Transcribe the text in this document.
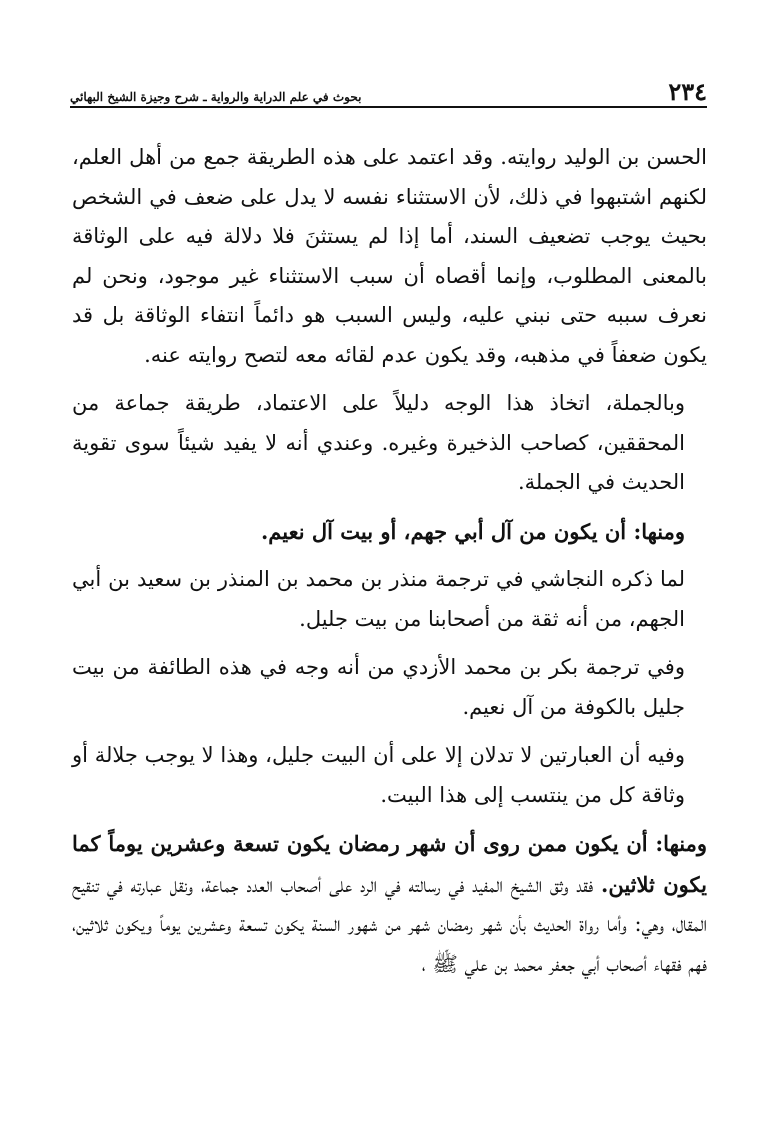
بحوث في علم الدراية والرواية ـ شرح وجيزة الشيخ البهائي	٢٣٤

الحسن بن الوليد روايته. وقد اعتمد على هذه الطريقة جمع من أهل العلم، لكنهم اشتبهوا في ذلك، لأن الاستثناء نفسه لا يدل على ضعف في الشخص بحيث يوجب تضعيف السند، أما إذا لم يستثنَ فلا دلالة فيه على الوثاقة بالمعنى المطلوب، وإنما أقصاه أن سبب الاستثناء غير موجود، ونحن لم نعرف سببه حتى نبني عليه، وليس السبب هو دائماً انتفاء الوثاقة بل قد يكون ضعفاً في مذهبه، وقد يكون عدم لقائه معه لتصح روايته عنه.

وبالجملة، اتخاذ هذا الوجه دليلاً على الاعتماد، طريقة جماعة من المحققين، كصاحب الذخيرة وغيره. وعندي أنه لا يفيد شيئاً سوى تقوية الحديث في الجملة.

ومنها: أن يكون من آل أبي جهم، أو بيت آل نعيم.

لما ذكره النجاشي في ترجمة منذر بن محمد بن المنذر بن سعيد بن أبي الجهم، من أنه ثقة من أصحابنا من بيت جليل.

وفي ترجمة بكر بن محمد الأزدي من أنه وجه في هذه الطائفة من بيت جليل بالكوفة من آل نعيم.

وفيه أن العبارتين لا تدلان إلا على أن البيت جليل، وهذا لا يوجب جلالة أو وثاقة كل من ينتسب إلى هذا البيت.

ومنها: أن يكون ممن روى أن شهر رمضان يكون تسعة وعشرين يوماً كما يكون ثلاثين. فقد وثق الشيخ المفيد في رسالته في الرد على أصحاب العدد جماعة، ونقل عبارته في تنقيح المقال، وهي: وأما رواة الحديث بأن شهر رمضان شهر من شهور السنة يكون تسعة وعشرين يوماً ويكون ثلاثين، فهم فقهاء أصحاب أبي جعفر محمد بن علي ﷺ ،
